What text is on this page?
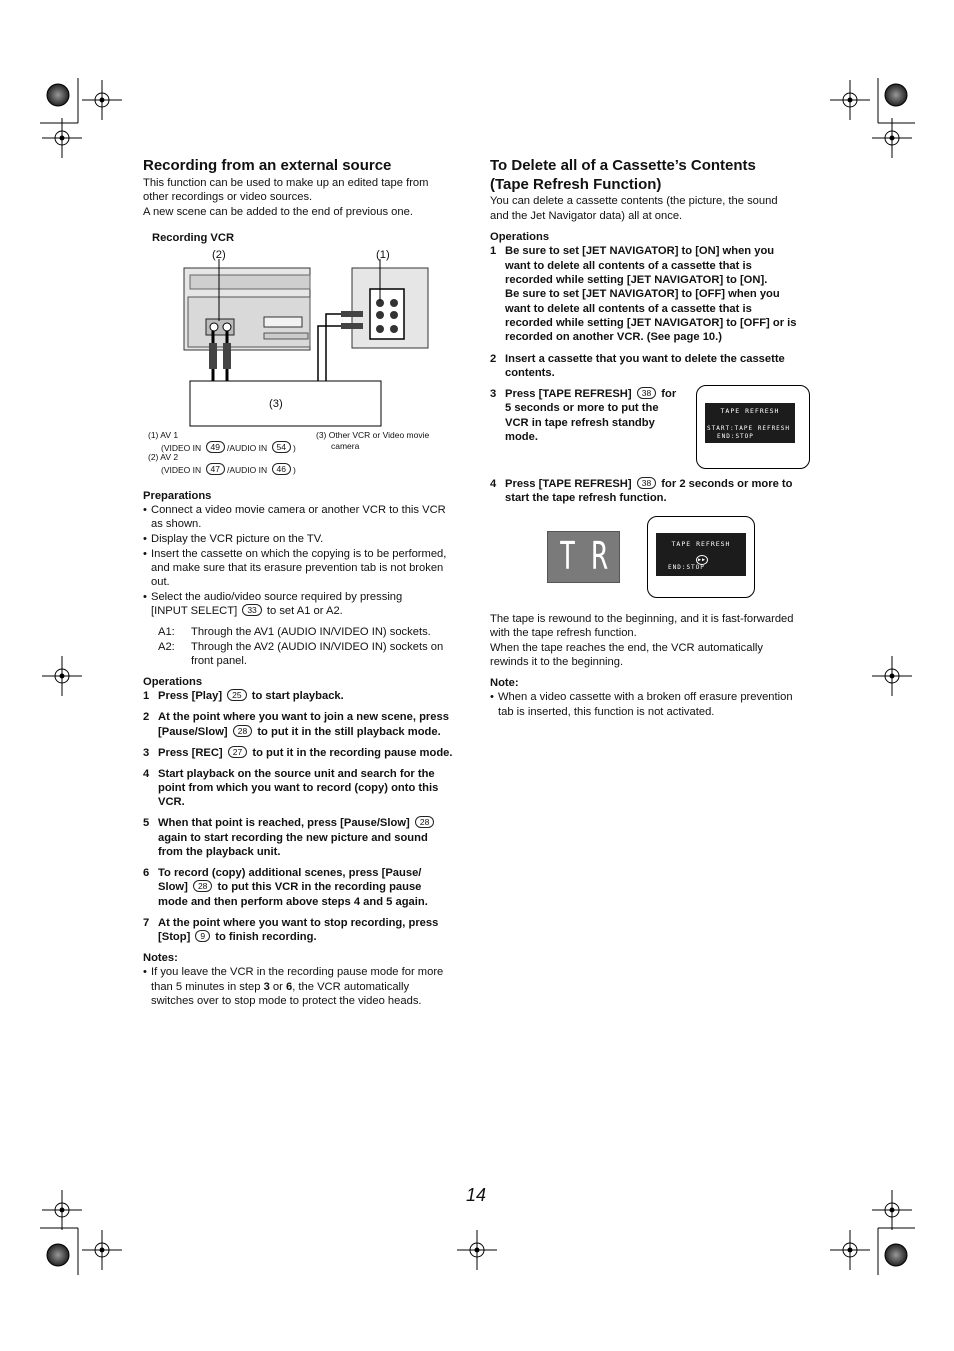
Recording from an external source
This function can be used to make up an edited tape from
other recordings or video sources.
A new scene can be added to the end of previous one.
Recording VCR
(2)	(1)
(3)
(1) AV 1
(VIDEO IN 49 /AUDIO IN 54 )
(2) AV 2
(VIDEO IN 47 /AUDIO IN 46 )
(3) Other VCR or Video movie
camera
Preparations
• Connect a video movie camera or another VCR to this VCR
as shown.
• Display the VCR picture on the TV.
• Insert the cassette on which the copying is to be performed,
and make sure that its erasure prevention tab is not broken
out.
• Select the audio/video source required by pressing
[INPUT SELECT] 33 to set A1 or A2.
A1: Through the AV1 (AUDIO IN/VIDEO IN) sockets.
A2: Through the AV2 (AUDIO IN/VIDEO IN) sockets on
front panel.
Operations
1 Press [Play] 25 to start playback.
2 At the point where you want to join a new scene, press
[Pause/Slow] 28 to put it in the still playback mode.
3 Press [REC] 27 to put it in the recording pause mode.
4 Start playback on the source unit and search for the
point from which you want to record (copy) onto this
VCR.
5 When that point is reached, press [Pause/Slow] 28
again to start recording the new picture and sound
from the playback unit.
6 To record (copy) additional scenes, press [Pause/
Slow] 28 to put this VCR in the recording pause
mode and then perform above steps 4 and 5 again.
7 At the point where you want to stop recording, press
[Stop] 9 to finish recording.
Notes:
• If you leave the VCR in the recording pause mode for more
than 5 minutes in step 3 or 6, the VCR automatically
switches over to stop mode to protect the video heads.
To Delete all of a Cassette’s Contents
(Tape Refresh Function)
You can delete a cassette contents (the picture, the sound
and the Jet Navigator data) all at once.
Operations
1 Be sure to set [JET NAVIGATOR] to [ON] when you
want to delete all contents of a cassette that is
recorded while setting [JET NAVIGATOR] to [ON].
Be sure to set [JET NAVIGATOR] to [OFF] when you
want to delete all contents of a cassette that is
recorded while setting [JET NAVIGATOR] to [OFF] or is
recorded on another VCR. (See page 10.)
2 Insert a cassette that you want to delete the cassette
contents.
3 Press [TAPE REFRESH] 38 for
5 seconds or more to put the
VCR in tape refresh standby
mode.
TAPE REFRESH
START:TAPE REFRESH
END:STOP
4 Press [TAPE REFRESH] 38 for 2 seconds or more to
start the tape refresh function.
T R	TAPE REFRESH
▶▶
END:STOP
The tape is rewound to the beginning, and it is fast-forwarded
with the tape refresh function.
When the tape reaches the end, the VCR automatically
rewinds it to the beginning.
Note:
• When a video cassette with a broken off erasure prevention
tab is inserted, this function is not activated.
14
